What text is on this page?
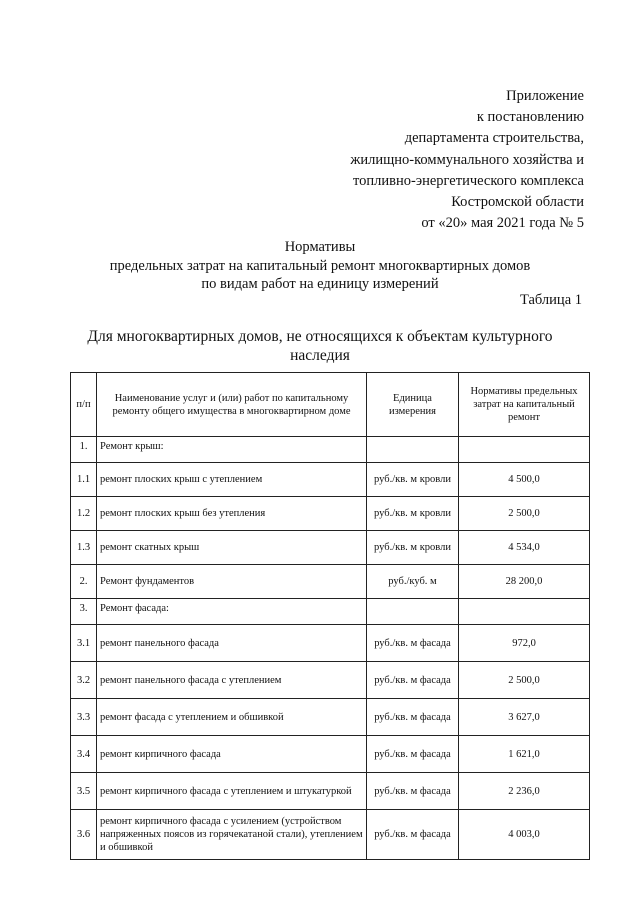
Приложение
к постановлению
департамента строительства,
жилищно-коммунального хозяйства и
топливно-энергетического комплекса
Костромской области
от «20» мая 2021 года № 5
Нормативы
предельных затрат на капитальный ремонт многоквартирных домов
по видам работ на единицу измерений
Таблица 1
Для многоквартирных домов, не относящихся к объектам культурного
наследия
п/п	Наименование услуг и (или) работ по капитальному ремонту общего имущества в многоквартирном доме	Единица измерения	Нормативы предельных затрат на капитальный ремонт
1.	Ремонт крыш:		
1.1	ремонт плоских крыш с утеплением	руб./кв. м кровли	4 500,0
1.2	ремонт плоских крыш без утепления	руб./кв. м кровли	2 500,0
1.3	ремонт скатных крыш	руб./кв. м кровли	4 534,0
2.	Ремонт фундаментов	руб./куб. м	28 200,0
3.	Ремонт фасада:		
3.1	ремонт панельного фасада	руб./кв. м фасада	972,0
3.2	ремонт панельного фасада с утеплением	руб./кв. м фасада	2 500,0
3.3	ремонт фасада с утеплением и обшивкой	руб./кв. м фасада	3 627,0
3.4	ремонт кирпичного фасада	руб./кв. м фасада	1 621,0
3.5	ремонт кирпичного фасада с утеплением и штукатуркой	руб./кв. м фасада	2 236,0
3.6	ремонт кирпичного фасада с усилением (устройством напряженных поясов из горячекатаной стали), утеплением и обшивкой	руб./кв. м фасада	4 003,0
